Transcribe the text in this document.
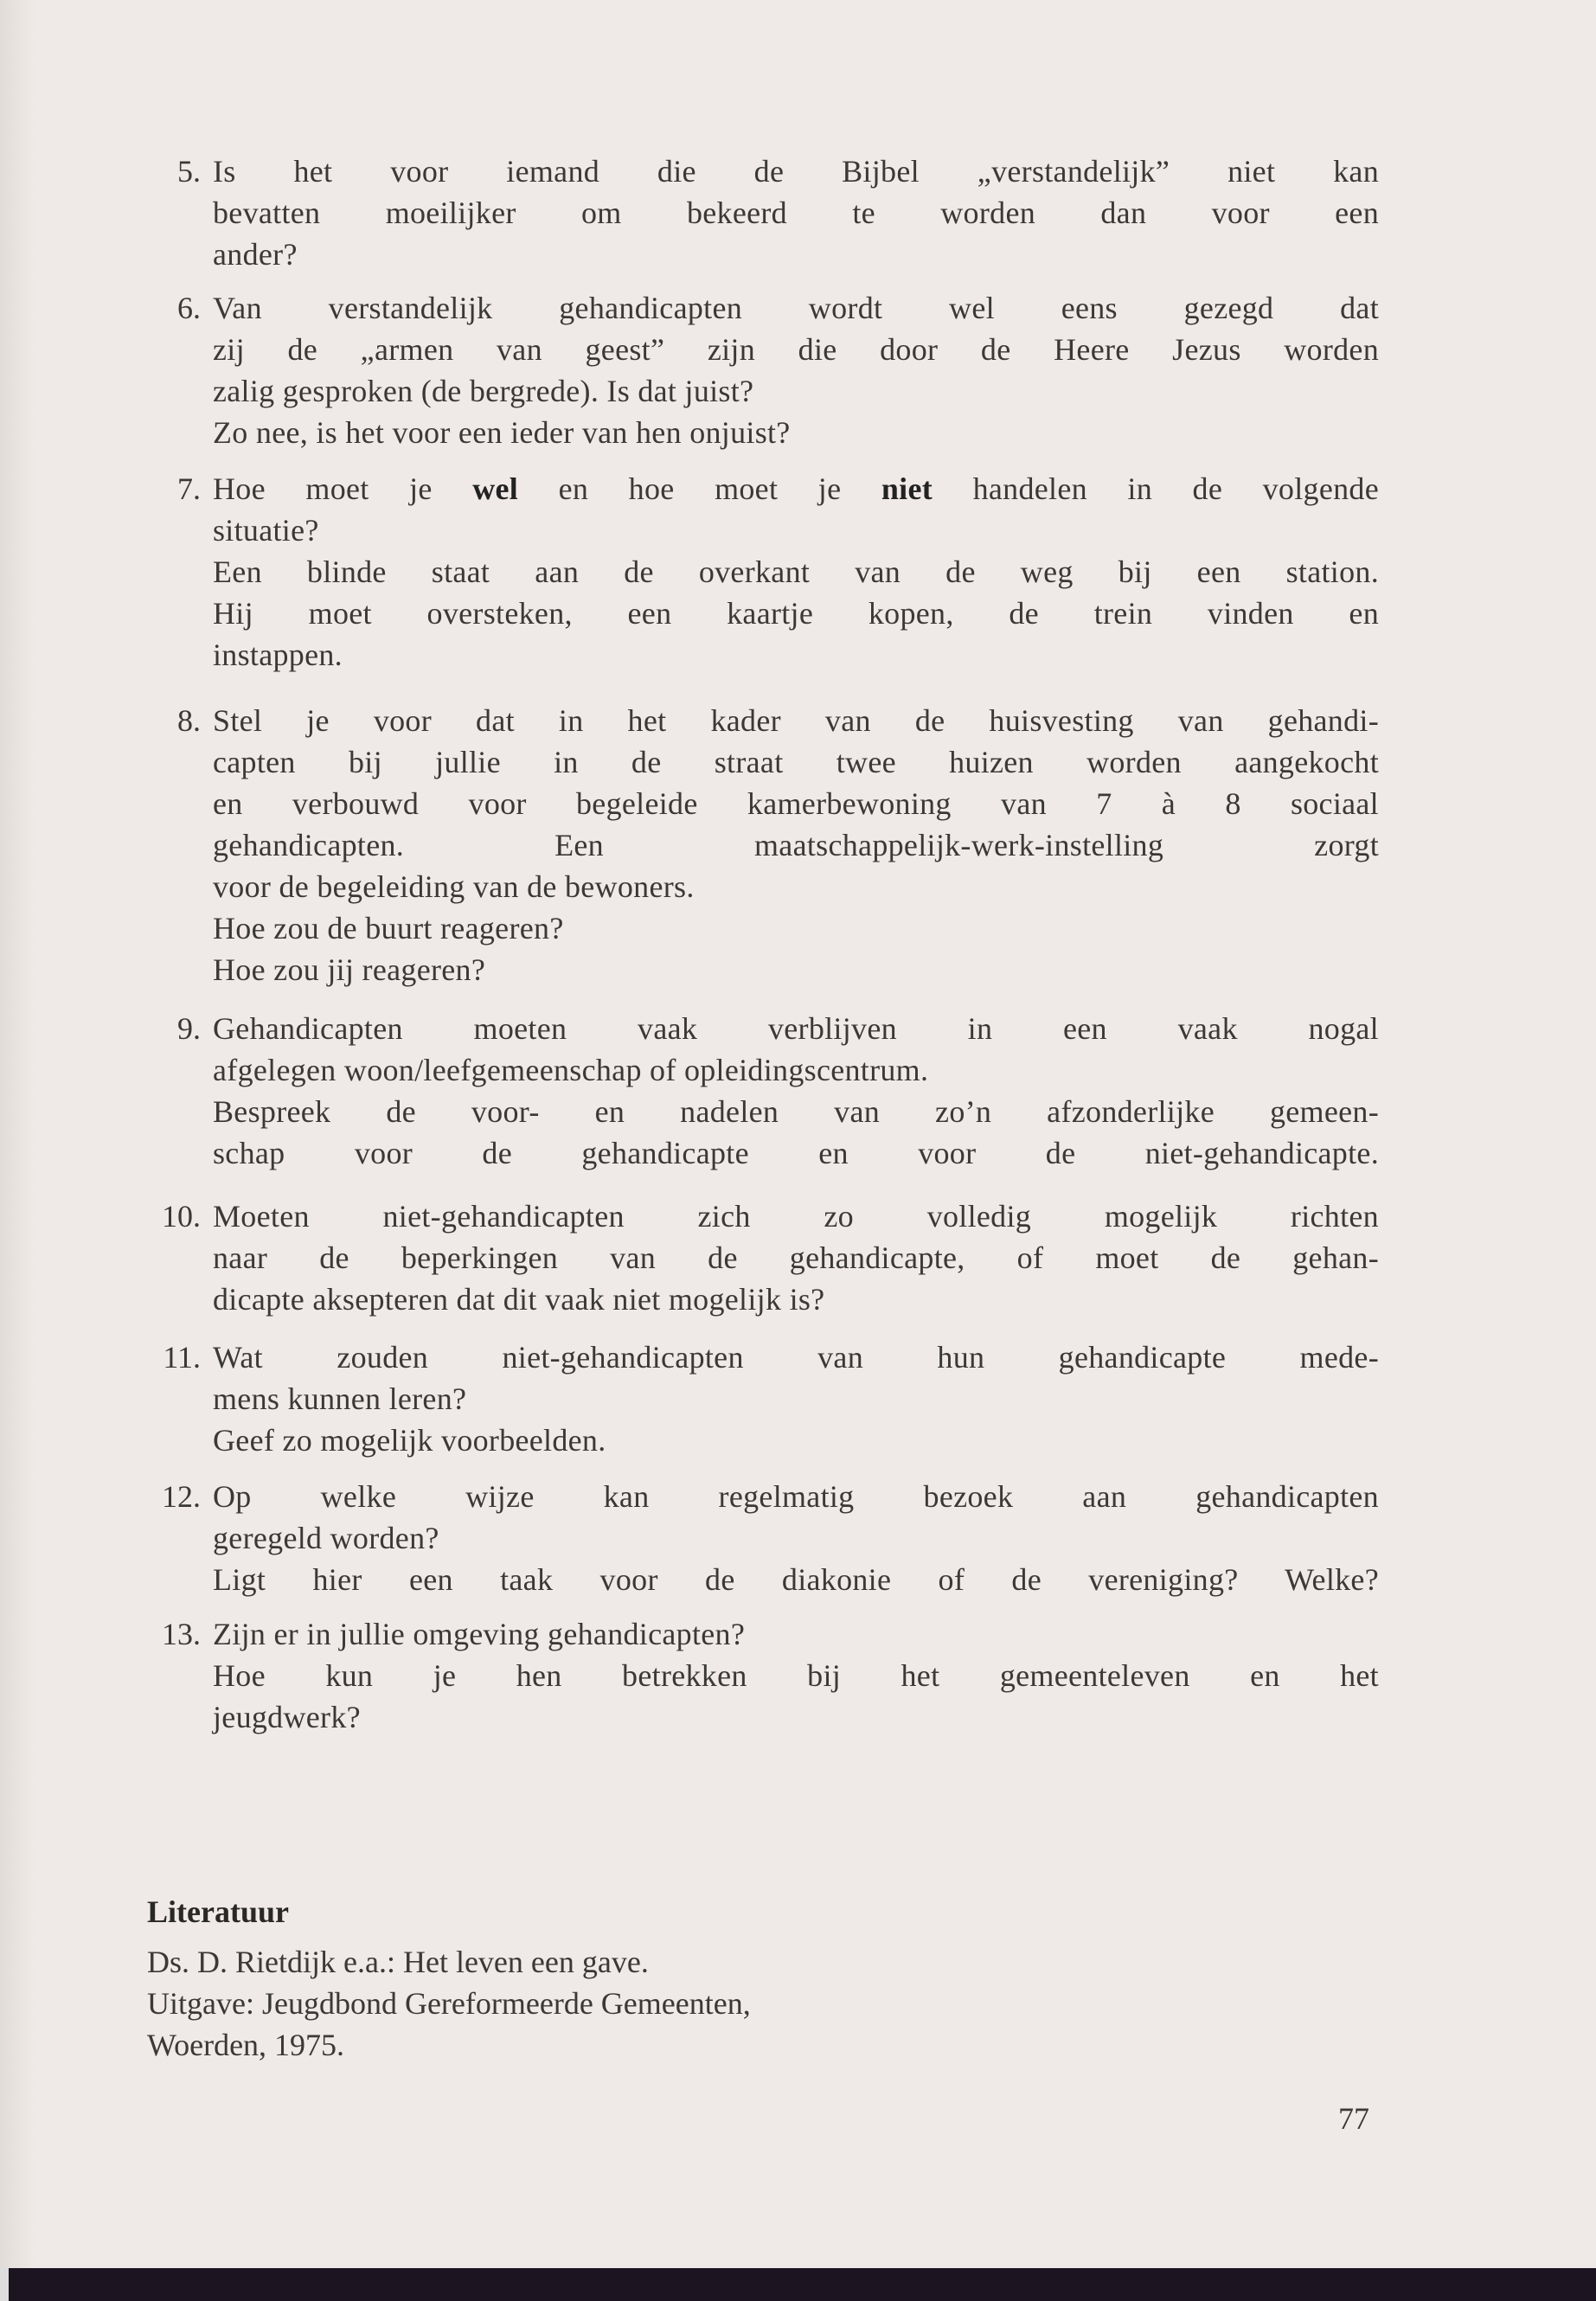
5. Is het voor iemand die de Bijbel „verstandelijk” niet kan
bevatten moeilijker om bekeerd te worden dan voor een
ander?
6. Van verstandelijk gehandicapten wordt wel eens gezegd dat
zij de „armen van geest” zijn die door de Heere Jezus worden
zalig gesproken (de bergrede). Is dat juist?
Zo nee, is het voor een ieder van hen onjuist?
7. Hoe moet je wel en hoe moet je niet handelen in de volgende
situatie?
Een blinde staat aan de overkant van de weg bij een station.
Hij moet oversteken, een kaartje kopen, de trein vinden en
instappen.
8. Stel je voor dat in het kader van de huisvesting van gehandi-
capten bij jullie in de straat twee huizen worden aangekocht
en verbouwd voor begeleide kamerbewoning van 7 à 8 sociaal
gehandicapten. Een maatschappelijk-werk-instelling zorgt
voor de begeleiding van de bewoners.
Hoe zou de buurt reageren?
Hoe zou jij reageren?
9. Gehandicapten moeten vaak verblijven in een vaak nogal
afgelegen woon/leefgemeenschap of opleidingscentrum.
Bespreek de voor- en nadelen van zo’n afzonderlijke gemeen-
schap voor de gehandicapte en voor de niet-gehandicapte.
10. Moeten niet-gehandicapten zich zo volledig mogelijk richten
naar de beperkingen van de gehandicapte, of moet de gehan-
dicapte aksepteren dat dit vaak niet mogelijk is?
11. Wat zouden niet-gehandicapten van hun gehandicapte mede-
mens kunnen leren?
Geef zo mogelijk voorbeelden.
12. Op welke wijze kan regelmatig bezoek aan gehandicapten
geregeld worden?
Ligt hier een taak voor de diakonie of de vereniging? Welke?
13. Zijn er in jullie omgeving gehandicapten?
Hoe kun je hen betrekken bij het gemeenteleven en het
jeugdwerk?
Literatuur
Ds. D. Rietdijk e.a.: Het leven een gave.
Uitgave: Jeugdbond Gereformeerde Gemeenten,
Woerden, 1975.
77
